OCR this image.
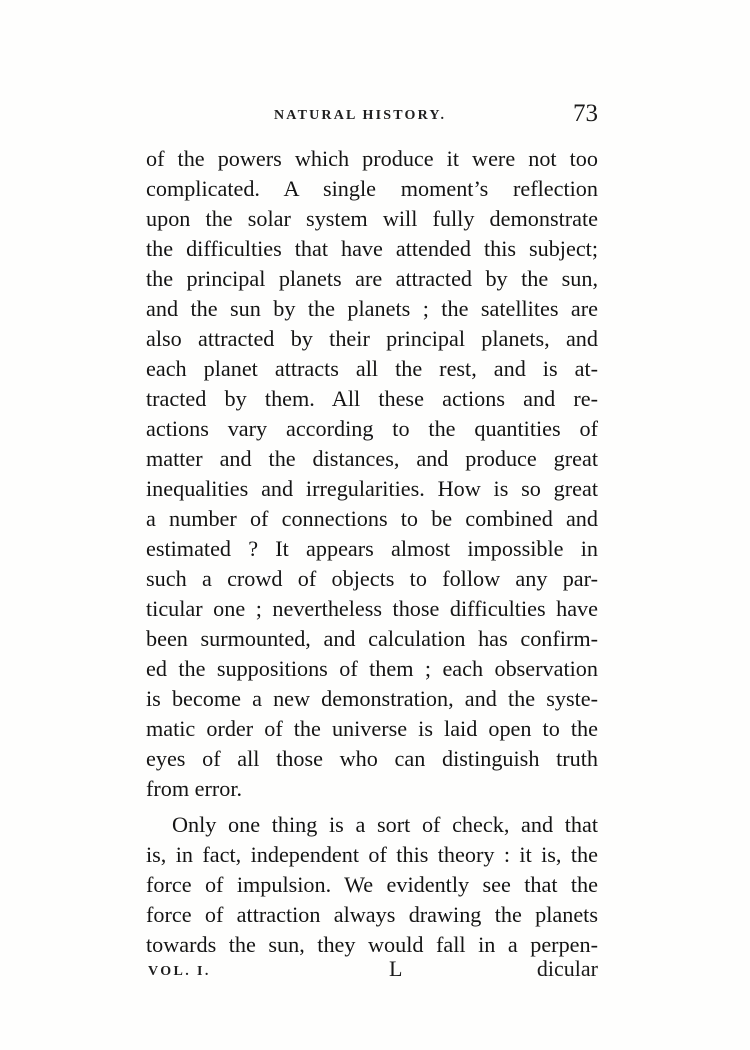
NATURAL HISTORY.	73
of the powers which produce it were not too
complicated. A single moment’s reflection
upon the solar system will fully demonstrate
the difficulties that have attended this subject;
the principal planets are attracted by the sun,
and the sun by the planets ; the satellites are
also attracted by their principal planets, and
each planet attracts all the rest, and is at-
tracted by them. All these actions and re-
actions vary according to the quantities of
matter and the distances, and produce great
inequalities and irregularities. How is so great
a number of connections to be combined and
estimated ? It appears almost impossible in
such a crowd of objects to follow any par-
ticular one ; nevertheless those difficulties have
been surmounted, and calculation has confirm-
ed the suppositions of them ; each observation
is become a new demonstration, and the syste-
matic order of the universe is laid open to the
eyes of all those who can distinguish truth
from error.
Only one thing is a sort of check, and that
is, in fact, independent of this theory : it is, the
force of impulsion. We evidently see that the
force of attraction always drawing the planets
towards the sun, they would fall in a perpen-
VOL. I.	L	dicular
